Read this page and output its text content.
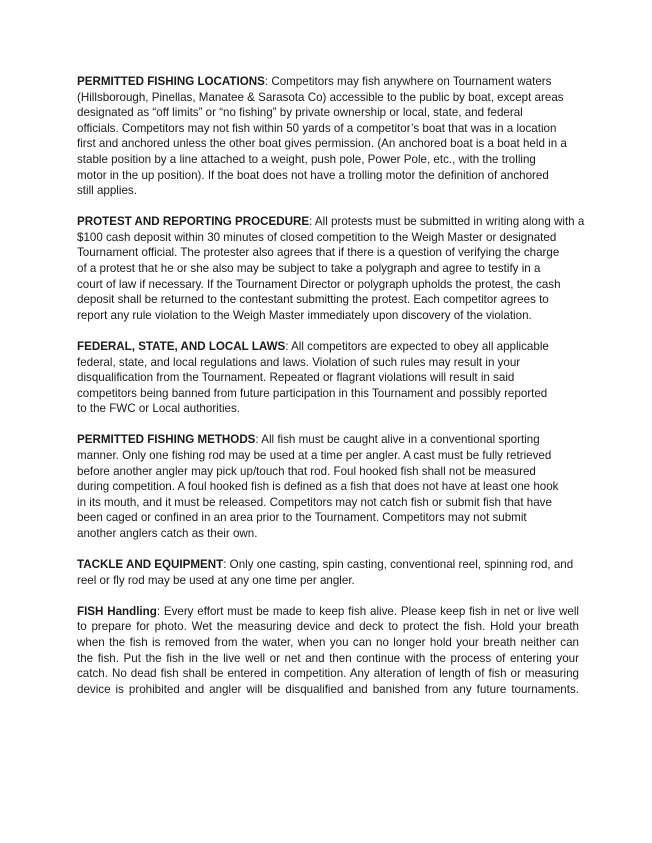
PERMITTED FISHING LOCATIONS: Competitors may fish anywhere on Tournament waters
(Hillsborough, Pinellas, Manatee & Sarasota Co) accessible to the public by boat, except areas
designated as “off limits” or “no fishing” by private ownership or local, state, and federal
officials. Competitors may not fish within 50 yards of a competitor’s boat that was in a location
first and anchored unless the other boat gives permission. (An anchored boat is a boat held in a
stable position by a line attached to a weight, push pole, Power Pole, etc., with the trolling
motor in the up position). If the boat does not have a trolling motor the definition of anchored
still applies.
PROTEST AND REPORTING PROCEDURE: All protests must be submitted in writing along with a
$100 cash deposit within 30 minutes of closed competition to the Weigh Master or designated
Tournament official. The protester also agrees that if there is a question of verifying the charge
of a protest that he or she also may be subject to take a polygraph and agree to testify in a
court of law if necessary. If the Tournament Director or polygraph upholds the protest, the cash
deposit shall be returned to the contestant submitting the protest. Each competitor agrees to
report any rule violation to the Weigh Master immediately upon discovery of the violation.
FEDERAL, STATE, AND LOCAL LAWS: All competitors are expected to obey all applicable
federal, state, and local regulations and laws. Violation of such rules may result in your
disqualification from the Tournament. Repeated or flagrant violations will result in said
competitors being banned from future participation in this Tournament and possibly reported
to the FWC or Local authorities.
PERMITTED FISHING METHODS: All fish must be caught alive in a conventional sporting
manner. Only one fishing rod may be used at a time per angler. A cast must be fully retrieved
before another angler may pick up/touch that rod. Foul hooked fish shall not be measured
during competition. A foul hooked fish is defined as a fish that does not have at least one hook
in its mouth, and it must be released. Competitors may not catch fish or submit fish that have
been caged or confined in an area prior to the Tournament. Competitors may not submit
another anglers catch as their own.
TACKLE AND EQUIPMENT: Only one casting, spin casting, conventional reel, spinning rod, and
reel or fly rod may be used at any one time per angler.
FISH Handling: Every effort must be made to keep fish alive. Please keep fish in net or live well
to prepare for photo. Wet the measuring device and deck to protect the fish. Hold your breath
when the fish is removed from the water, when you can no longer hold your breath neither can
the fish. Put the fish in the live well or net and then continue with the process of entering your
catch. No dead fish shall be entered in competition. Any alteration of length of fish or measuring
device is prohibited and angler will be disqualified and banished from any future tournaments.
